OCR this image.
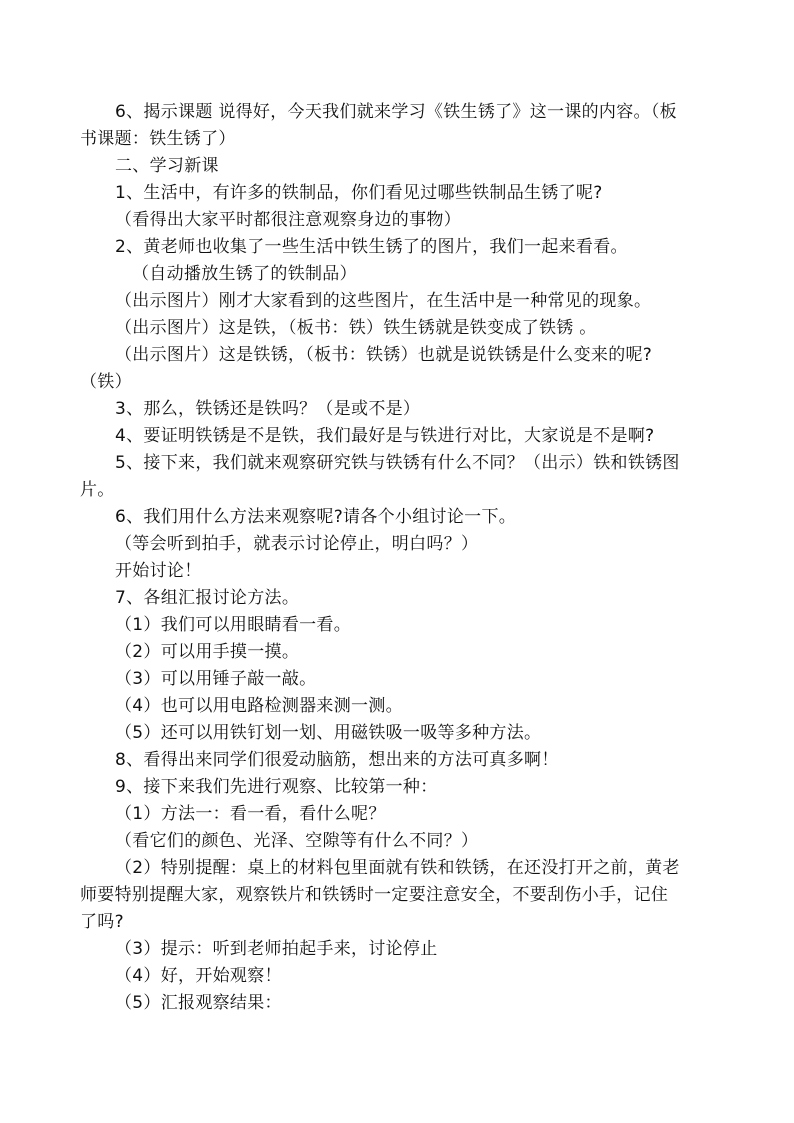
6、揭示课题 说得好，今天我们就来学习《铁生锈了》这一课的内容。（板
书课题：铁生锈了）
二、学习新课
1、生活中，有许多的铁制品，你们看见过哪些铁制品生锈了呢?
（看得出大家平时都很注意观察身边的事物）
2、黄老师也收集了一些生活中铁生锈了的图片，我们一起来看看。
（自动播放生锈了的铁制品）
（出示图片）刚才大家看到的这些图片，在生活中是一种常见的现象。
（出示图片）这是铁，（板书：铁）铁生锈就是铁变成了铁锈 。
（出示图片）这是铁锈，（板书：铁锈）也就是说铁锈是什么变来的呢?
（铁）
3、那么，铁锈还是铁吗？（是或不是）
4、要证明铁锈是不是铁，我们最好是与铁进行对比，大家说是不是啊?
5、接下来，我们就来观察研究铁与铁锈有什么不同？（出示）铁和铁锈图
片。
6、我们用什么方法来观察呢?请各个小组讨论一下。
（等会听到拍手，就表示讨论停止，明白吗？）
开始讨论！
7、各组汇报讨论方法。
（1）我们可以用眼睛看一看。
（2）可以用手摸一摸。
（3）可以用锤子敲一敲。
（4）也可以用电路检测器来测一测。
（5）还可以用铁钉划一划、用磁铁吸一吸等多种方法。
8、看得出来同学们很爱动脑筋，想出来的方法可真多啊！
9、接下来我们先进行观察、比较第一种：
（1）方法一：看一看，看什么呢？
（看它们的颜色、光泽、空隙等有什么不同？）
（2）特别提醒：桌上的材料包里面就有铁和铁锈，在还没打开之前，黄老
师要特别提醒大家，观察铁片和铁锈时一定要注意安全，不要刮伤小手，记住
了吗?
（3）提示：听到老师拍起手来，讨论停止
（4）好，开始观察！
（5）汇报观察结果：
